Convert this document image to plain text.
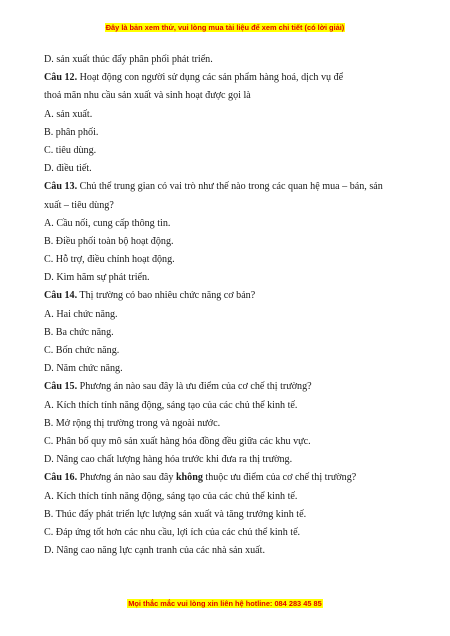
Đây là bản xem thử, vui lòng mua tài liệu để xem chi tiết (có lời giải)
D. sản xuất thúc đẩy phân phối phát triển.
Câu 12. Hoạt động con người sử dụng các sản phẩm hàng hoá, dịch vụ để
thoả mãn nhu cầu sản xuất và sinh hoạt được gọi là
A. sản xuất.
B. phân phối.
C. tiêu dùng.
D. điều tiết.
Câu 13. Chủ thể trung gian có vai trò như thế nào trong các quan hệ mua – bán, sản
xuất – tiêu dùng?
A. Cầu nối, cung cấp thông tin.
B. Điều phối toàn bộ hoạt động.
C. Hỗ trợ, điều chỉnh hoạt động.
D. Kìm hãm sự phát triển.
Câu 14. Thị trường có bao nhiêu chức năng cơ bản?
A. Hai chức năng.
B. Ba chức năng.
C. Bốn chức năng.
D. Năm chức năng.
Câu 15. Phương án nào sau đây là ưu điểm của cơ chế thị trường?
A. Kích thích tính năng động, sáng tạo của các chủ thể kinh tế.
B. Mở rộng thị trường trong và ngoài nước.
C. Phân bố quy mô sản xuất hàng hóa đồng đều giữa các khu vực.
D. Nâng cao chất lượng hàng hóa trước khi đưa ra thị trường.
Câu 16. Phương án nào sau đây không thuộc ưu điểm của cơ chế thị trường?
A. Kích thích tính năng động, sáng tạo của các chủ thể kinh tế.
B. Thúc đẩy phát triển lực lượng sản xuất và tăng trưởng kinh tế.
C. Đáp ứng tốt hơn các nhu cầu, lợi ích của các chủ thể kinh tế.
D. Nâng cao năng lực cạnh tranh của các nhà sản xuất.
Mọi thắc mắc vui lòng xin liên hệ hotline: 084 283 45 85
